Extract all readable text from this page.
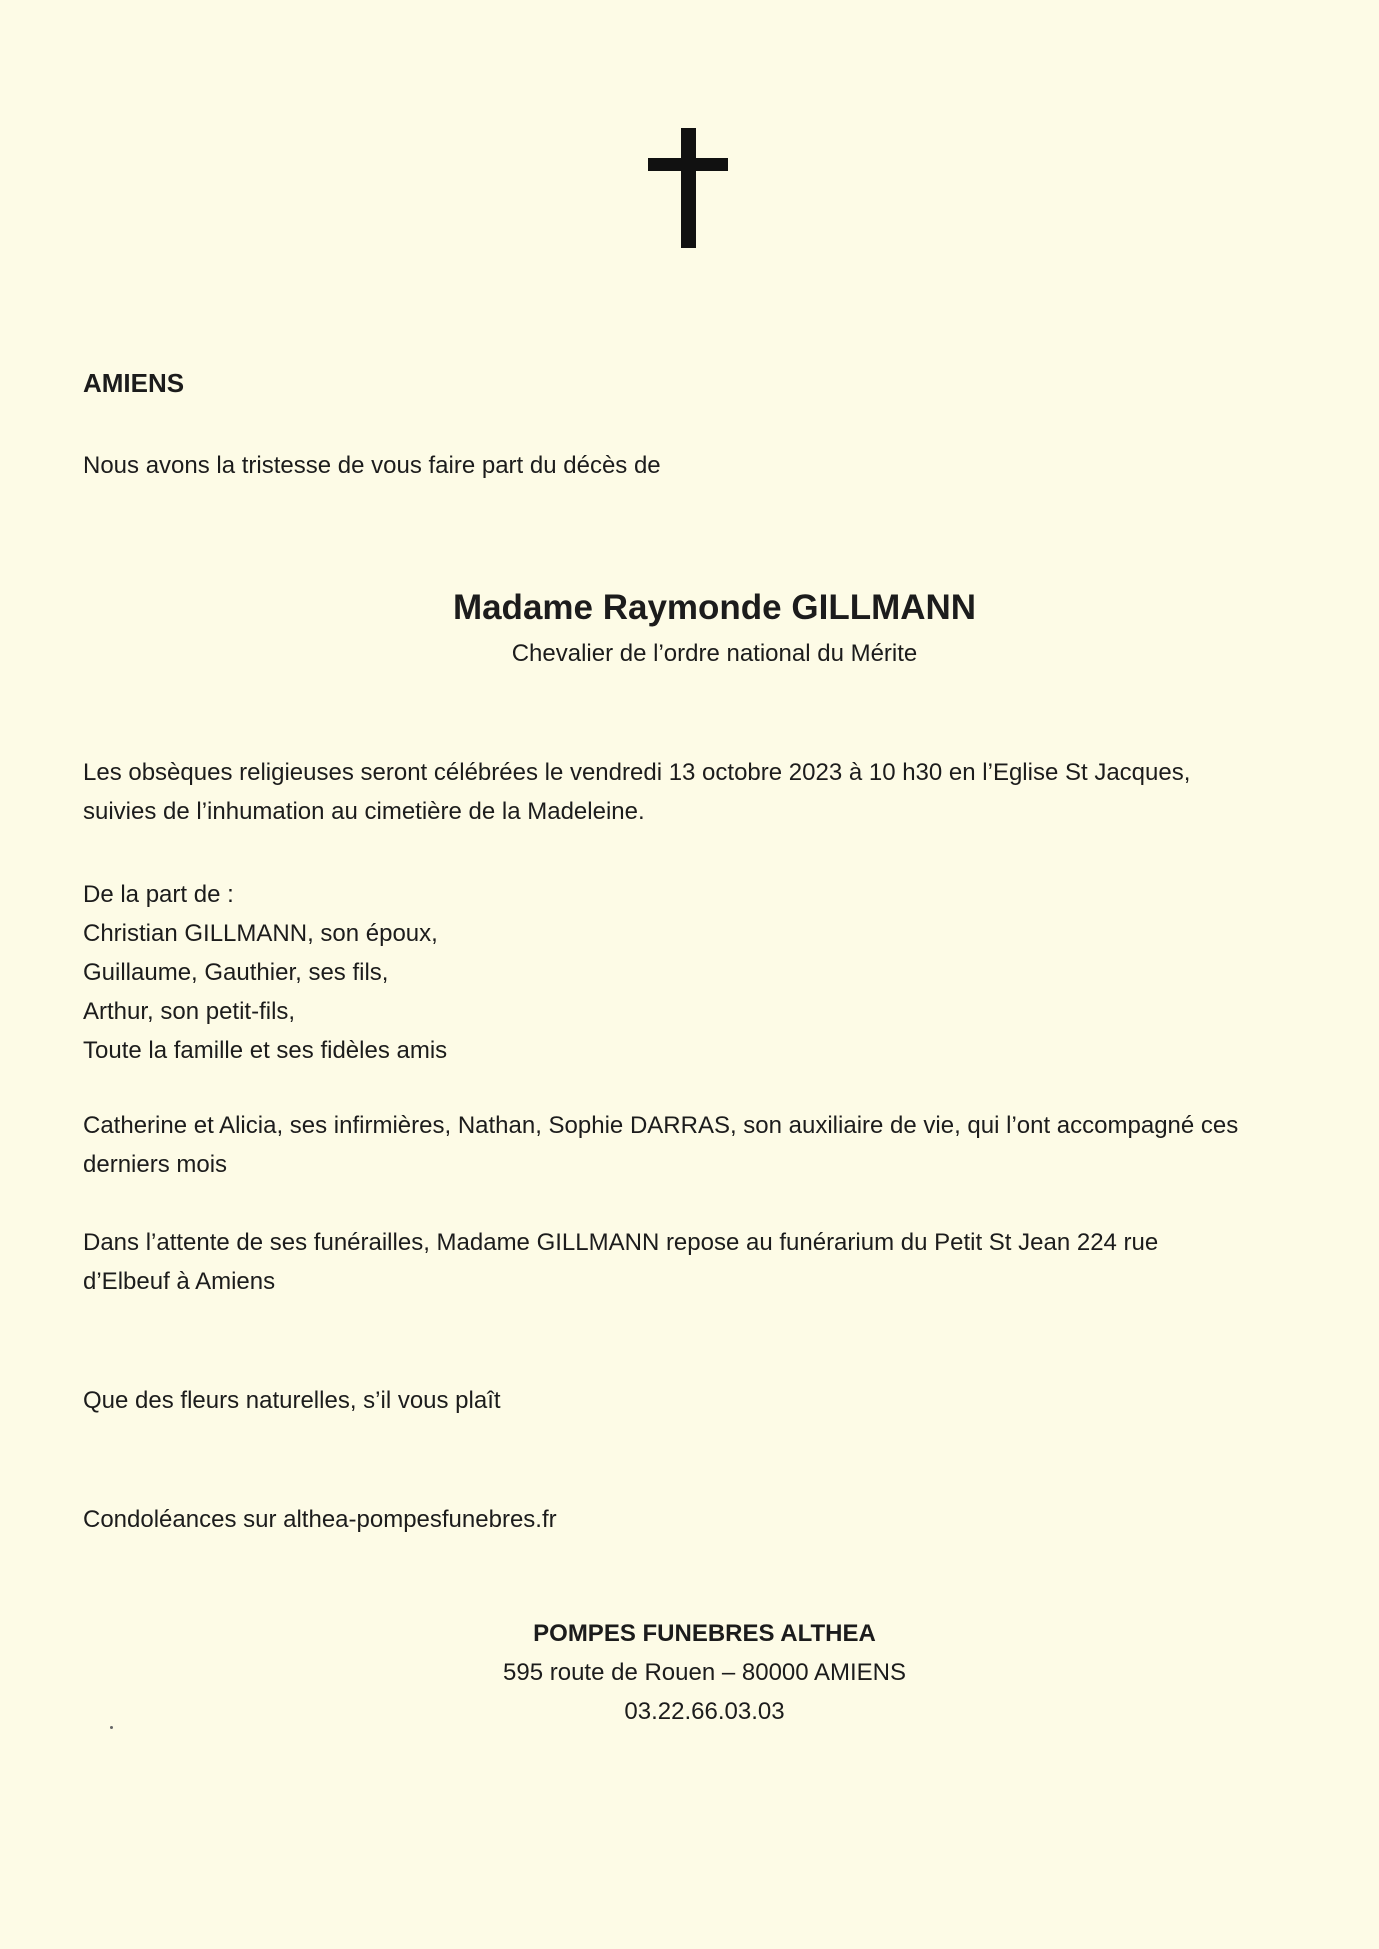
AMIENS
Nous avons la tristesse de vous faire part du décès de
Madame Raymonde GILLMANN
Chevalier de l’ordre national du Mérite

Les obsèques religieuses seront célébrées le vendredi 13 octobre 2023 à 10 h30 en l’Eglise St Jacques,

suivies de l’inhumation au cimetière de la Madeleine.

De la part de :

Christian GILLMANN, son époux,

Guillaume, Gauthier, ses fils,

Arthur, son petit-fils,

Toute la famille et ses fidèles amis

Catherine et Alicia, ses infirmières, Nathan, Sophie DARRAS, son auxiliaire de vie, qui l’ont accompagné ces

derniers mois

Dans l’attente de ses funérailles, Madame GILLMANN repose au funérarium du Petit St Jean 224 rue

d’Elbeuf à Amiens

Que des fleurs naturelles, s’il vous plaît

Condoléances sur althea-pompesfunebres.fr

POMPES FUNEBRES ALTHEA
595 route de Rouen – 80000 AMIENS
03.22.66.03.03
